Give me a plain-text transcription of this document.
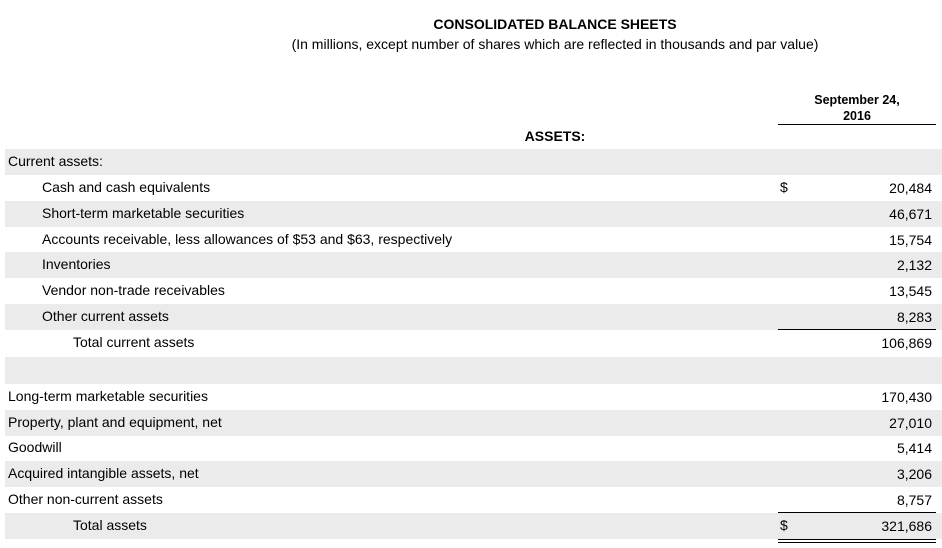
CONSOLIDATED BALANCE SHEETS
(In millions, except number of shares which are reflected in thousands and par value)
September 24,
2016
ASSETS:
Current assets:
Cash and cash equivalents	$	20,484
Short-term marketable securities	46,671
Accounts receivable, less allowances of $53 and $63, respectively	15,754
Inventories	2,132
Vendor non-trade receivables	13,545
Other current assets	8,283
Total current assets	106,869
Long-term marketable securities	170,430
Property, plant and equipment, net	27,010
Goodwill	5,414
Acquired intangible assets, net	3,206
Other non-current assets	8,757
Total assets	$	321,686
